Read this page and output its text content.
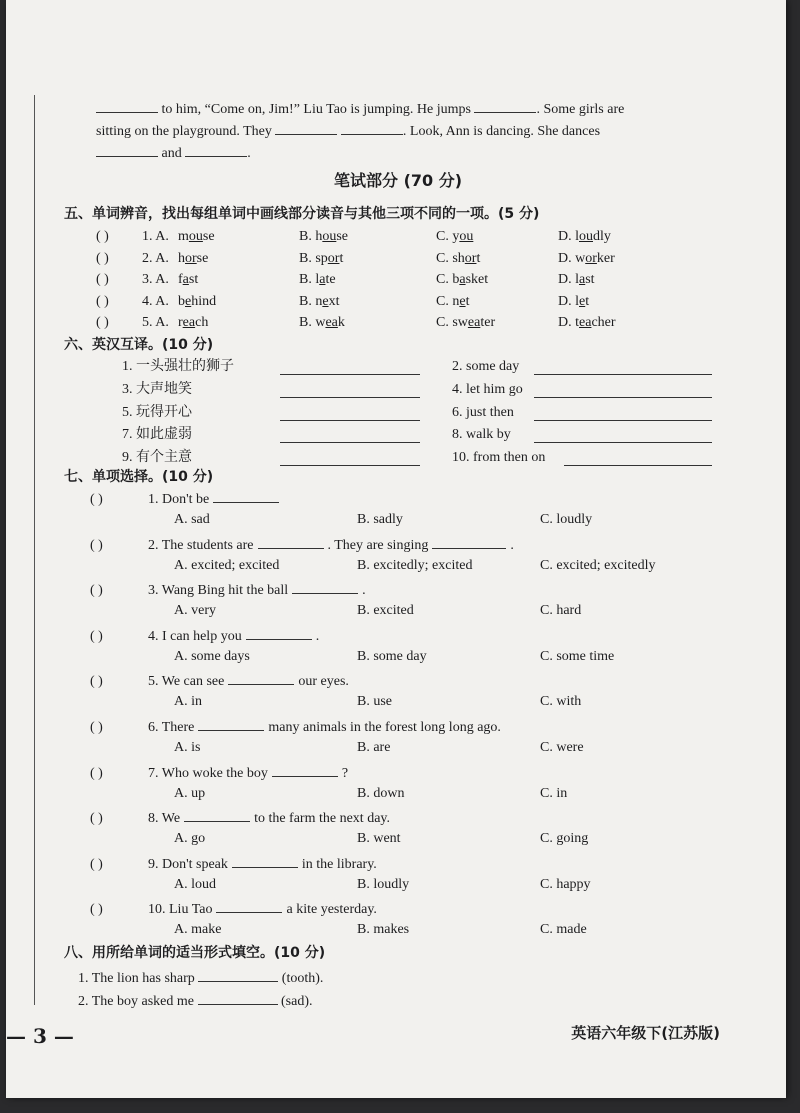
to him, “Come on, Jim!” Liu Tao is jumping. He jumps	. Some girls are
sitting on the playground. They	. Look, Ann is dancing. She dances
and	.
笔试部分 (70 分)
五、单词辨音，找出每组单词中画线部分读音与其他三项不同的一项。(5 分)
( ) 1. A. mouse	B. house	C. you	D. loudly
( ) 2. A. horse	B. sport	C. short	D. worker
( ) 3. A. fast	B. late	C. basket	D. last
( ) 4. A. behind	B. next	C. net	D. let
( ) 5. A. reach	B. weak	C. sweater	D. teacher
六、英汉互译。(10 分)
1. 一头强壮的狮子	2. some day
3. 大声地笑	4. let him go
5. 玩得开心	6. just then
7. 如此虚弱	8. walk by
9. 有个主意	10. from then on
七、单项选择。(10 分)
( )	1. Don't be
A. sad	B. sadly	C. loudly
( )	2. The students are	. They are singing	.
A. excited; excited	B. excitedly; excited	C. excited; excitedly
( )	3. Wang Bing hit the ball	.
A. very	B. excited	C. hard
( )	4. I can help you	.
A. some days	B. some day	C. some time
( )	5. We can see	our eyes.
A. in	B. use	C. with
( )	6. There	many animals in the forest long long ago.
A. is	B. are	C. were
( )	7. Who woke the boy	?
A. up	B. down	C. in
( )	8. We	to the farm the next day.
A. go	B. went	C. going
( )	9. Don't speak	in the library.
A. loud	B. loudly	C. happy
( )	10. Liu Tao	a kite yesterday.
A. make	B. makes	C. made
八、用所给单词的适当形式填空。(10 分)
1. The lion has sharp	(tooth).
2. The boy asked me	(sad).
— 3 —	英语六年级下(江苏版)
